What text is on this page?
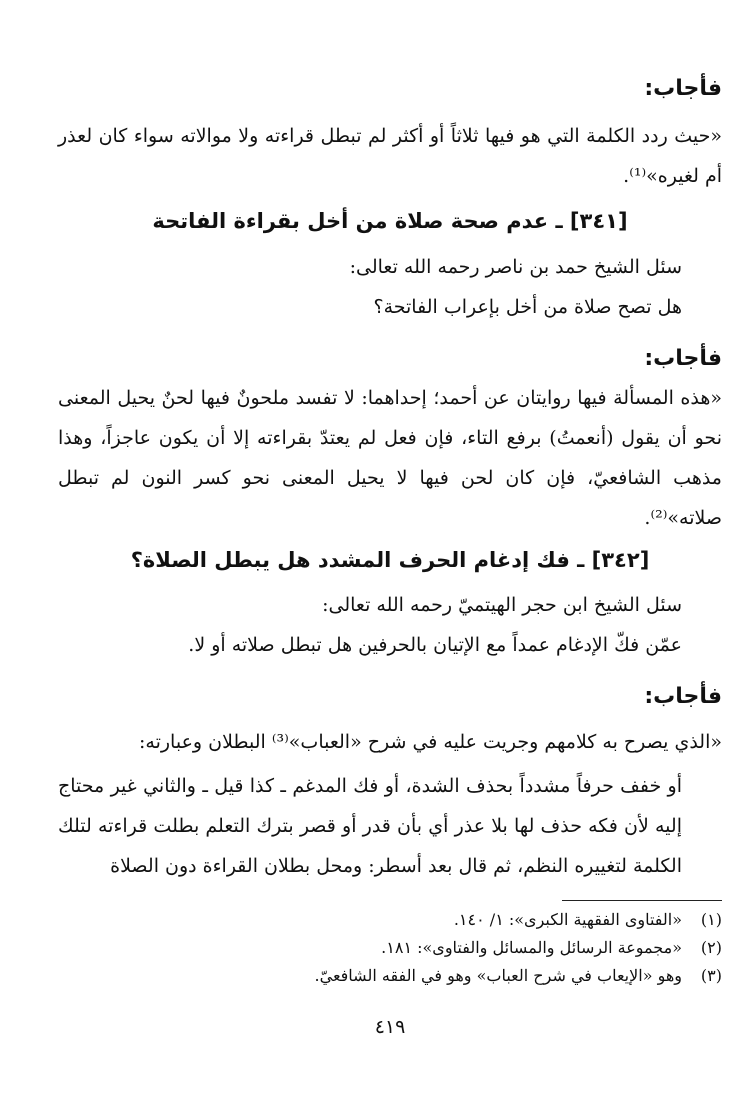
فأجاب:
«حيث ردد الكلمة التي هو فيها ثلاثاً أو أكثر لم تبطل قراءته ولا موالاته سواء كان لعذر أم لغيره»⁽¹⁾.
[٣٤١] ـ عدم صحة صلاة من أخل بقراءة الفاتحة
سئل الشيخ حمد بن ناصر رحمه الله تعالى:
هل تصح صلاة من أخل بإعراب الفاتحة؟
فأجاب:
«هذه المسألة فيها روايتان عن أحمد؛ إحداهما: لا تفسد ملحونٌ فيها لحنٌ يحيل المعنى نحو أن يقول (أنعمتُ) برفع التاء، فإن فعل لم يعتدّ بقراءته إلا أن يكون عاجزاً، وهذا مذهب الشافعيّ، فإن كان لحن فيها لا يحيل المعنى نحو كسر النون لم تبطل صلاته»⁽²⁾.
[٣٤٢] ـ فك إدغام الحرف المشدد هل يبطل الصلاة؟
سئل الشيخ ابن حجر الهيتميّ رحمه الله تعالى:
عمّن فكّ الإدغام عمداً مع الإتيان بالحرفين هل تبطل صلاته أو لا.
فأجاب:
«الذي يصرح به كلامهم وجريت عليه في شرح «العباب»⁽³⁾ البطلان وعبارته:
أو خفف حرفاً مشدداً بحذف الشدة، أو فك المدغم ـ كذا قيل ـ والثاني غير محتاج إليه لأن فكه حذف لها بلا عذر أي بأن قدر أو قصر بترك التعلم بطلت قراءته لتلك الكلمة لتغييره النظم، ثم قال بعد أسطر: ومحل بطلان القراءة دون الصلاة
(١)
«الفتاوى الفقهية الكبرى»: ١/ ١٤٠.
(٢)
«مجموعة الرسائل والمسائل والفتاوى»: ١٨١.
(٣)
وهو «الإيعاب في شرح العباب» وهو في الفقه الشافعيّ.
٤١٩
